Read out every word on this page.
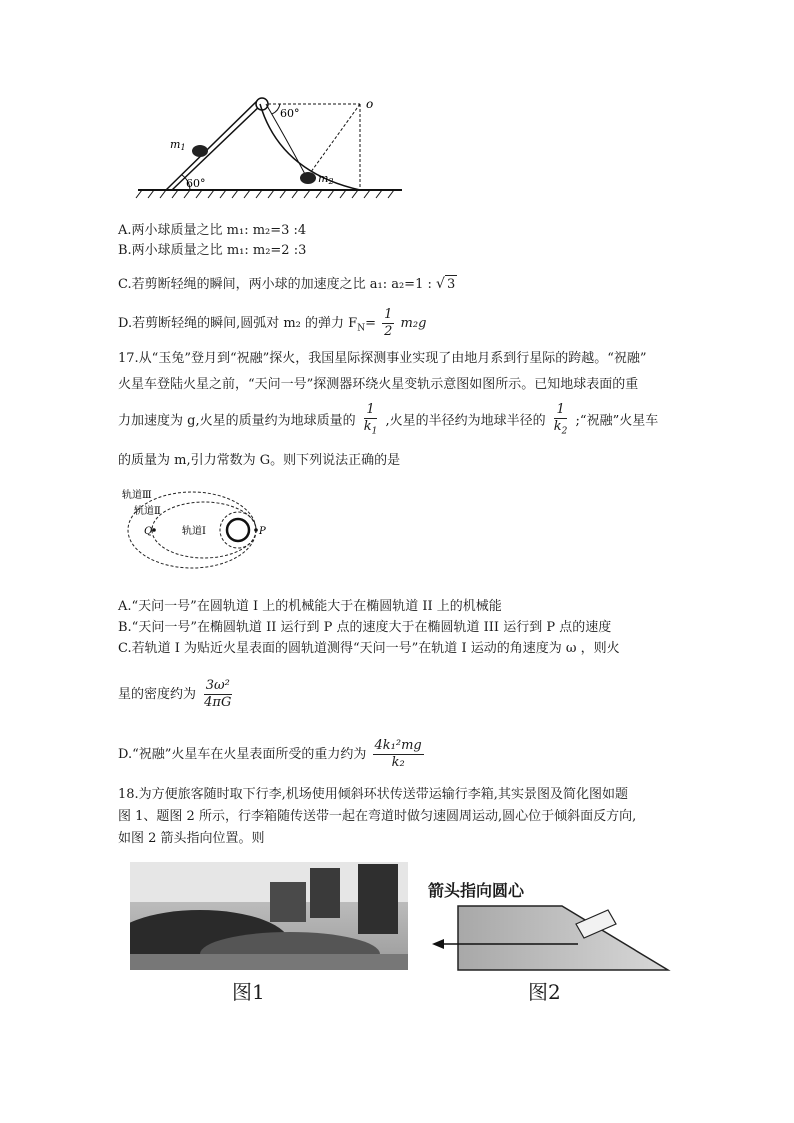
60°
60°
o
m1
m2
A.两小球质量之比 m₁: m₂=3 :4
B.两小球质量之比 m₁: m₂=2 :3
C.若剪断轻绳的瞬间，两小球的加速度之比 a₁: a₂=1 : √ 3
D.若剪断轻绳的瞬间,圆弧对 m₂ 的弹力 $F_N= \frac{1}{2} m_2g$
17.从“玉兔”登月到“祝融”探火，我国星际探测事业实现了由地月系到行星际的跨越。“祝融”
火星车登陆火星之前，“天问一号”探测器环绕火星变轨示意图如图所示。已知地球表面的重
力加速度为 g,火星的质量约为地球质量的 $\frac{1}{k_1}$ ,火星的半径约为地球半径的 $\frac{1}{k_2}$ ;“祝融”火星车
的质量为 m,引力常数为 G。则下列说法正确的是
轨道Ⅲ
轨道Ⅱ
轨道Ⅰ
Q	P
A.“天问一号”在圆轨道 I 上的机械能大于在椭圆轨道 II 上的机械能
B.“天问一号”在椭圆轨道 II 运行到 P 点的速度大于在椭圆轨道 III 运行到 P 点的速度
C.若轨道 I 为贴近火星表面的圆轨道测得“天问一号”在轨道 I 运动的角速度为 ω ，则火
星的密度约为 $\frac{\text{3ω²}}{4\pi G}$
D.“祝融”火星车在火星表面所受的重力约为 $\frac{\text{4k₁²mg}}{\text{k₂}}$
18.为方便旅客随时取下行李,机场使用倾斜环状传送带运输行李箱,其实景图及简化图如题
图 1、题图 2 所示，行李箱随传送带一起在弯道时做匀速圆周运动,圆心位于倾斜面反方向,
如图 2 箭头指向位置。则
图1
箭头指向圆心
图2
